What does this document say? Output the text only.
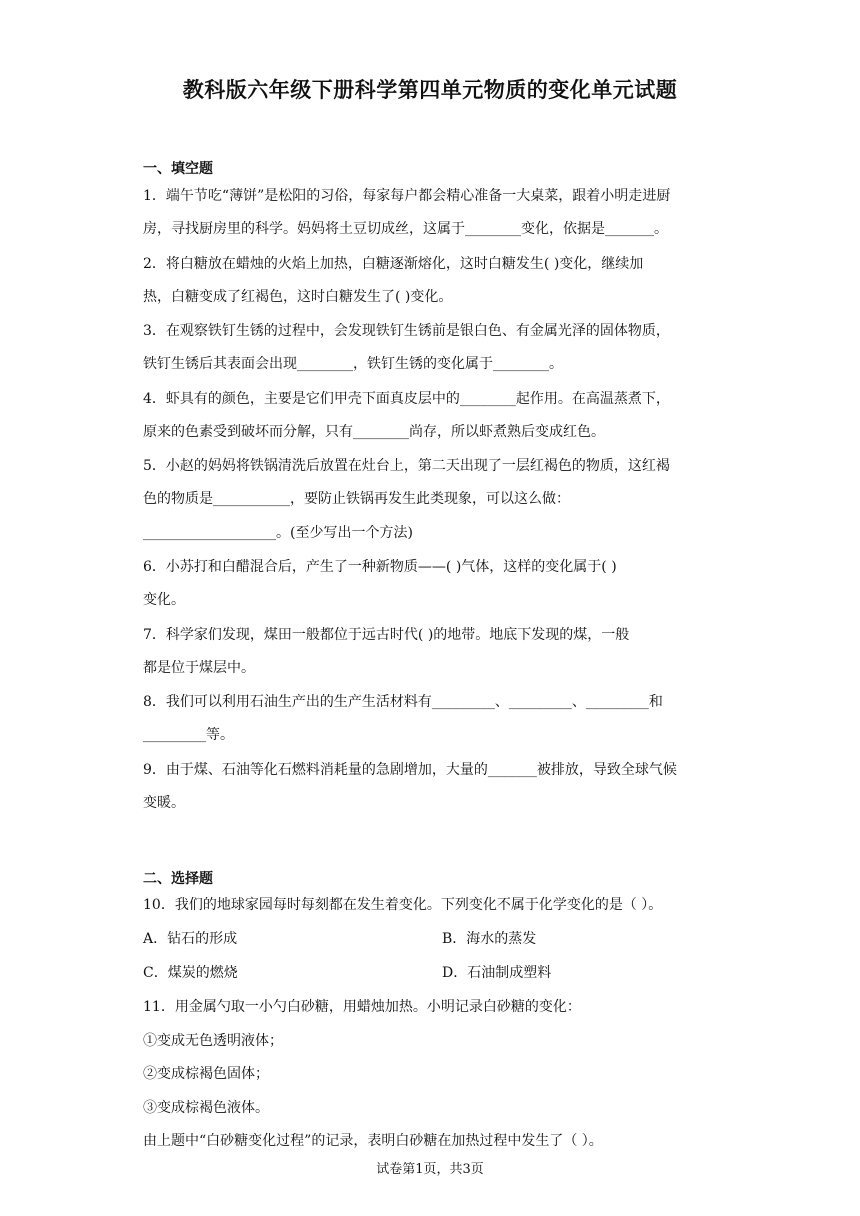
教科版六年级下册科学第四单元物质的变化单元试题
一、填空题
1．端午节吃“薄饼”是松阳的习俗，每家每户都会精心准备一大桌菜，跟着小明走进厨
房，寻找厨房里的科学。妈妈将土豆切成丝，这属于________变化，依据是_______。
2．将白糖放在蜡烛的火焰上加热，白糖逐渐熔化，这时白糖发生( )变化，继续加
热，白糖变成了红褐色，这时白糖发生了( )变化。
3．在观察铁钉生锈的过程中，会发现铁钉生锈前是银白色、有金属光泽的固体物质，
铁钉生锈后其表面会出现________，铁钉生锈的变化属于________。
4．虾具有的颜色，主要是它们甲壳下面真皮层中的________起作用。在高温蒸煮下，
原来的色素受到破坏而分解，只有________尚存，所以虾煮熟后变成红色。
5．小赵的妈妈将铁锅清洗后放置在灶台上，第二天出现了一层红褐色的物质，这红褐
色的物质是___________，要防止铁锅再发生此类现象，可以这么做：
___________________。(至少写出一个方法)
6．小苏打和白醋混合后，产生了一种新物质——( )气体，这样的变化属于( )
变化。
7．科学家们发现，煤田一般都位于远古时代( )的地带。地底下发现的煤，一般
都是位于煤层中。
8．我们可以利用石油生产出的生产生活材料有_________、_________、_________和
_________等。
9．由于煤、石油等化石燃料消耗量的急剧增加，大量的_______被排放，导致全球气候
变暖。
二、选择题
10．我们的地球家园每时每刻都在发生着变化。下列变化不属于化学变化的是（ ）。
A．钻石的形成	B．海水的蒸发
C．煤炭的燃烧	D．石油制成塑料
11．用金属勺取一小勺白砂糖，用蜡烛加热。小明记录白砂糖的变化：
①变成无色透明液体；
②变成棕褐色固体；
③变成棕褐色液体。
由上题中“白砂糖变化过程”的记录，表明白砂糖在加热过程中发生了（ ）。
试卷第1页，共3页
